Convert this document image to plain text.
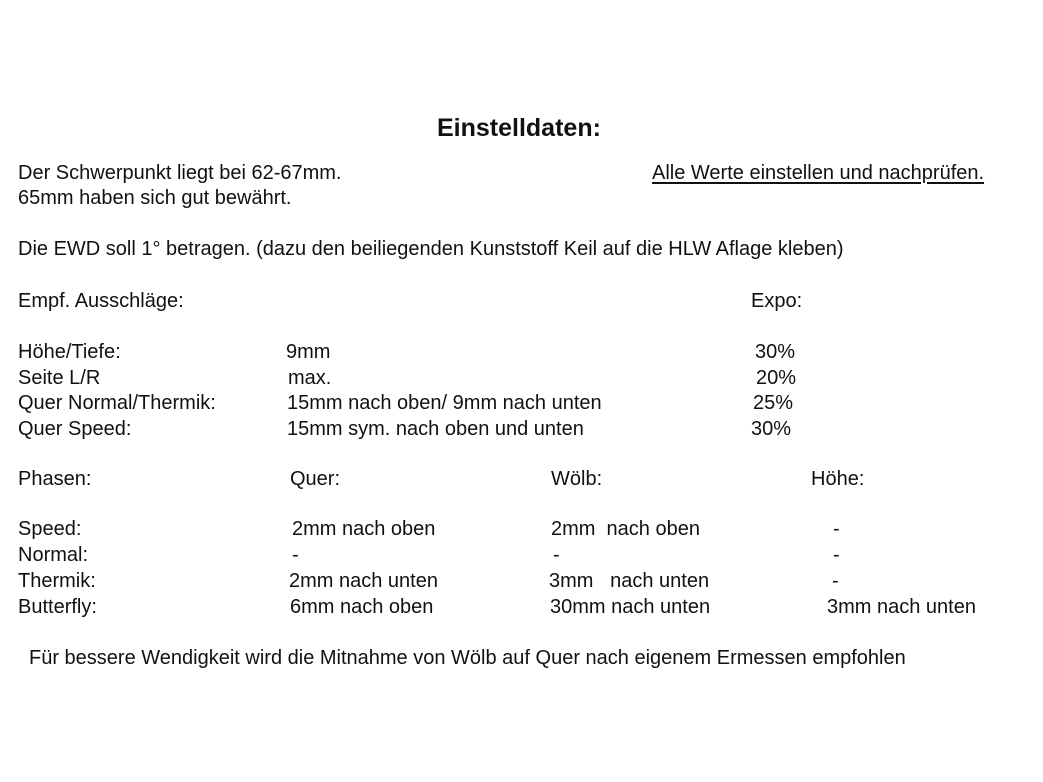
Einstelldaten:
Der Schwerpunkt liegt bei 62-67mm.	Alle Werte einstellen und nachprüfen.
65mm haben sich gut bewährt.
Die EWD soll 1° betragen. (dazu den beiliegenden Kunststoff Keil auf die HLW Aflage kleben)
Empf. Ausschläge:	Expo:
Höhe/Tiefe:	9mm	30%
Seite L/R	max.	20%
Quer Normal/Thermik:	15mm nach oben/ 9mm nach unten	25%
Quer Speed:	15mm sym. nach oben und unten	30%
Phasen:	Quer:	Wölb:	Höhe:
Speed:	2mm nach oben	2mm  nach oben	-
Normal:	-	-	-
Thermik:	2mm nach unten	3mm   nach unten	-
Butterfly:	6mm nach oben	30mm nach unten	3mm nach unten
Für bessere Wendigkeit wird die Mitnahme von Wölb auf Quer nach eigenem Ermessen empfohlen
